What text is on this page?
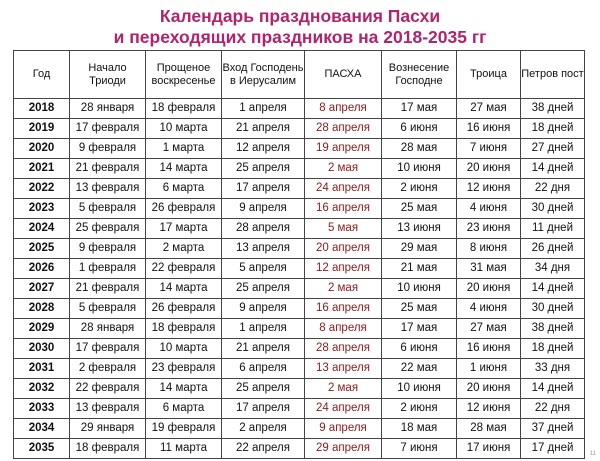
Календарь празднования Пасхи
и переходящих праздников на 2018-2035 гг
Год	Начало Триоди	Прощеное воскресенье	Вход Господень в Иерусалим	ПАСХА	Вознесение Господне	Троица	Петров пост
2018	28 января	18 февраля	1 апреля	8 апреля	17 мая	27 мая	38 дней
2019	17 февраля	10 марта	21 апреля	28 апреля	6 июня	16 июня	18 дней
2020	9 февраля	1 марта	12 апреля	19 апреля	28 мая	7 июня	27 дней
2021	21 февраля	14 марта	25 апреля	2 мая	10 июня	20 июня	14 дней
2022	13 февраля	6 марта	17 апреля	24 апреля	2 июня	12 июня	22 дня
2023	5 февраля	26 февраля	9 апреля	16 апреля	25 мая	4 июня	30 дней
2024	25 февраля	17 марта	28 апреля	5 мая	13 июня	23 июня	11 дней
2025	9 февраля	2 марта	13 апреля	20 апреля	29 мая	8 июня	26 дней
2026	1 февраля	22 февраля	5 апреля	12 апреля	21 мая	31 мая	34 дня
2027	21 февраля	14 марта	25 апреля	2 мая	10 июня	20 июня	14 дней
2028	5 февраля	26 февраля	9 апреля	16 апреля	25 мая	4 июня	30 дней
2029	28 января	18 февраля	1 апреля	8 апреля	17 мая	27 мая	38 дней
2030	17 февраля	10 марта	21 апреля	28 апреля	6 июня	16 июня	18 дней
2031	2 февраля	23 февраля	6 апреля	13 апреля	22 мая	1 июня	33 дня
2032	22 февраля	14 марта	25 апреля	2 мая	10 июня	20 июня	14 дней
2033	13 февраля	6 марта	17 апреля	24 апреля	2 июня	12 июня	22 дня
2034	29 января	19 февраля	2 апреля	9 апреля	18 мая	28 мая	37 дней
2035	18 февраля	11 марта	22 апреля	29 апреля	7 июня	17 июня	17 дней	11
